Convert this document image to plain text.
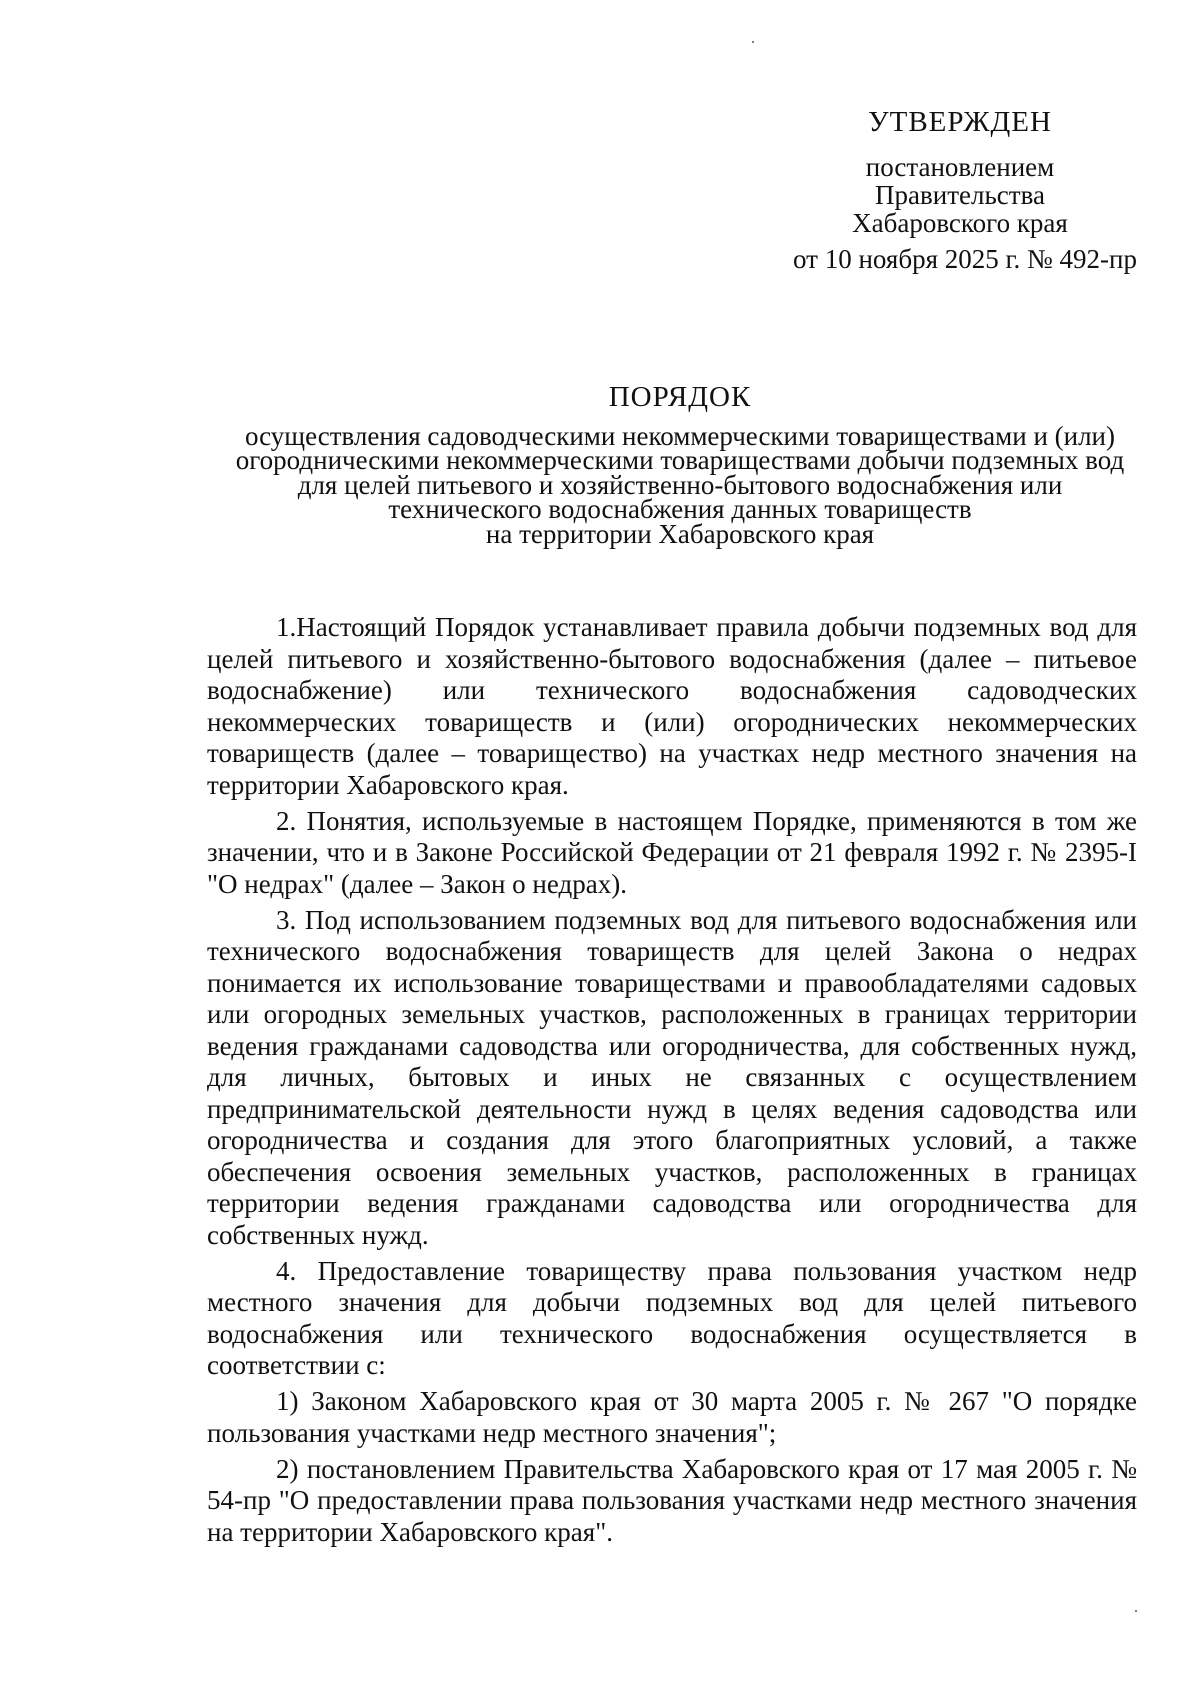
УТВЕРЖДЕН
постановлением
Правительства
Хабаровского края
от 10 ноября 2025 г. № 492-пр
ПОРЯДОК
осуществления садоводческими некоммерческими товариществами и (или)
огородническими некоммерческими товариществами добычи подземных вод
для целей питьевого и хозяйственно-бытового водоснабжения или
технического водоснабжения данных товариществ
на территории Хабаровского края

1.Настоящий Порядок устанавливает правила добычи подземных вод для целей питьевого и хозяйственно-бытового водоснабжения (далее – питьевое водоснабжение) или технического водоснабжения садоводческих некоммерческих товариществ и (или) огороднических некоммерческих товариществ (далее – товарищество) на участках недр местного значения на территории Хабаровского края.

2. Понятия, используемые в настоящем Порядке, применяются в том же значении, что и в Законе Российской Федерации от 21 февраля 1992 г. № 2395-I "О недрах" (далее – Закон о недрах).

3. Под использованием подземных вод для питьевого водоснабжения или технического водоснабжения товариществ для целей Закона о недрах понимается их использование товариществами и правообладателями садовых или огородных земельных участков, расположенных в границах территории ведения гражданами садоводства или огородничества, для собственных нужд, для личных, бытовых и иных не связанных с осуществлением предпринимательской деятельности нужд в целях ведения садоводства или огородничества и создания для этого благоприятных условий, а также обеспечения освоения земельных участков, расположенных в границах территории ведения гражданами садоводства или огородничества для собственных нужд.

4. Предоставление товариществу права пользования участком недр местного значения для добычи подземных вод для целей питьевого водоснабжения или технического водоснабжения осуществляется в соответствии с:

1) Законом Хабаровского края от 30 марта 2005 г. № 267 "О порядке пользования участками недр местного значения";

2) постановлением Правительства Хабаровского края от 17 мая 2005 г. № 54-пр "О предоставлении права пользования участками недр местного значения на территории Хабаровского края".
